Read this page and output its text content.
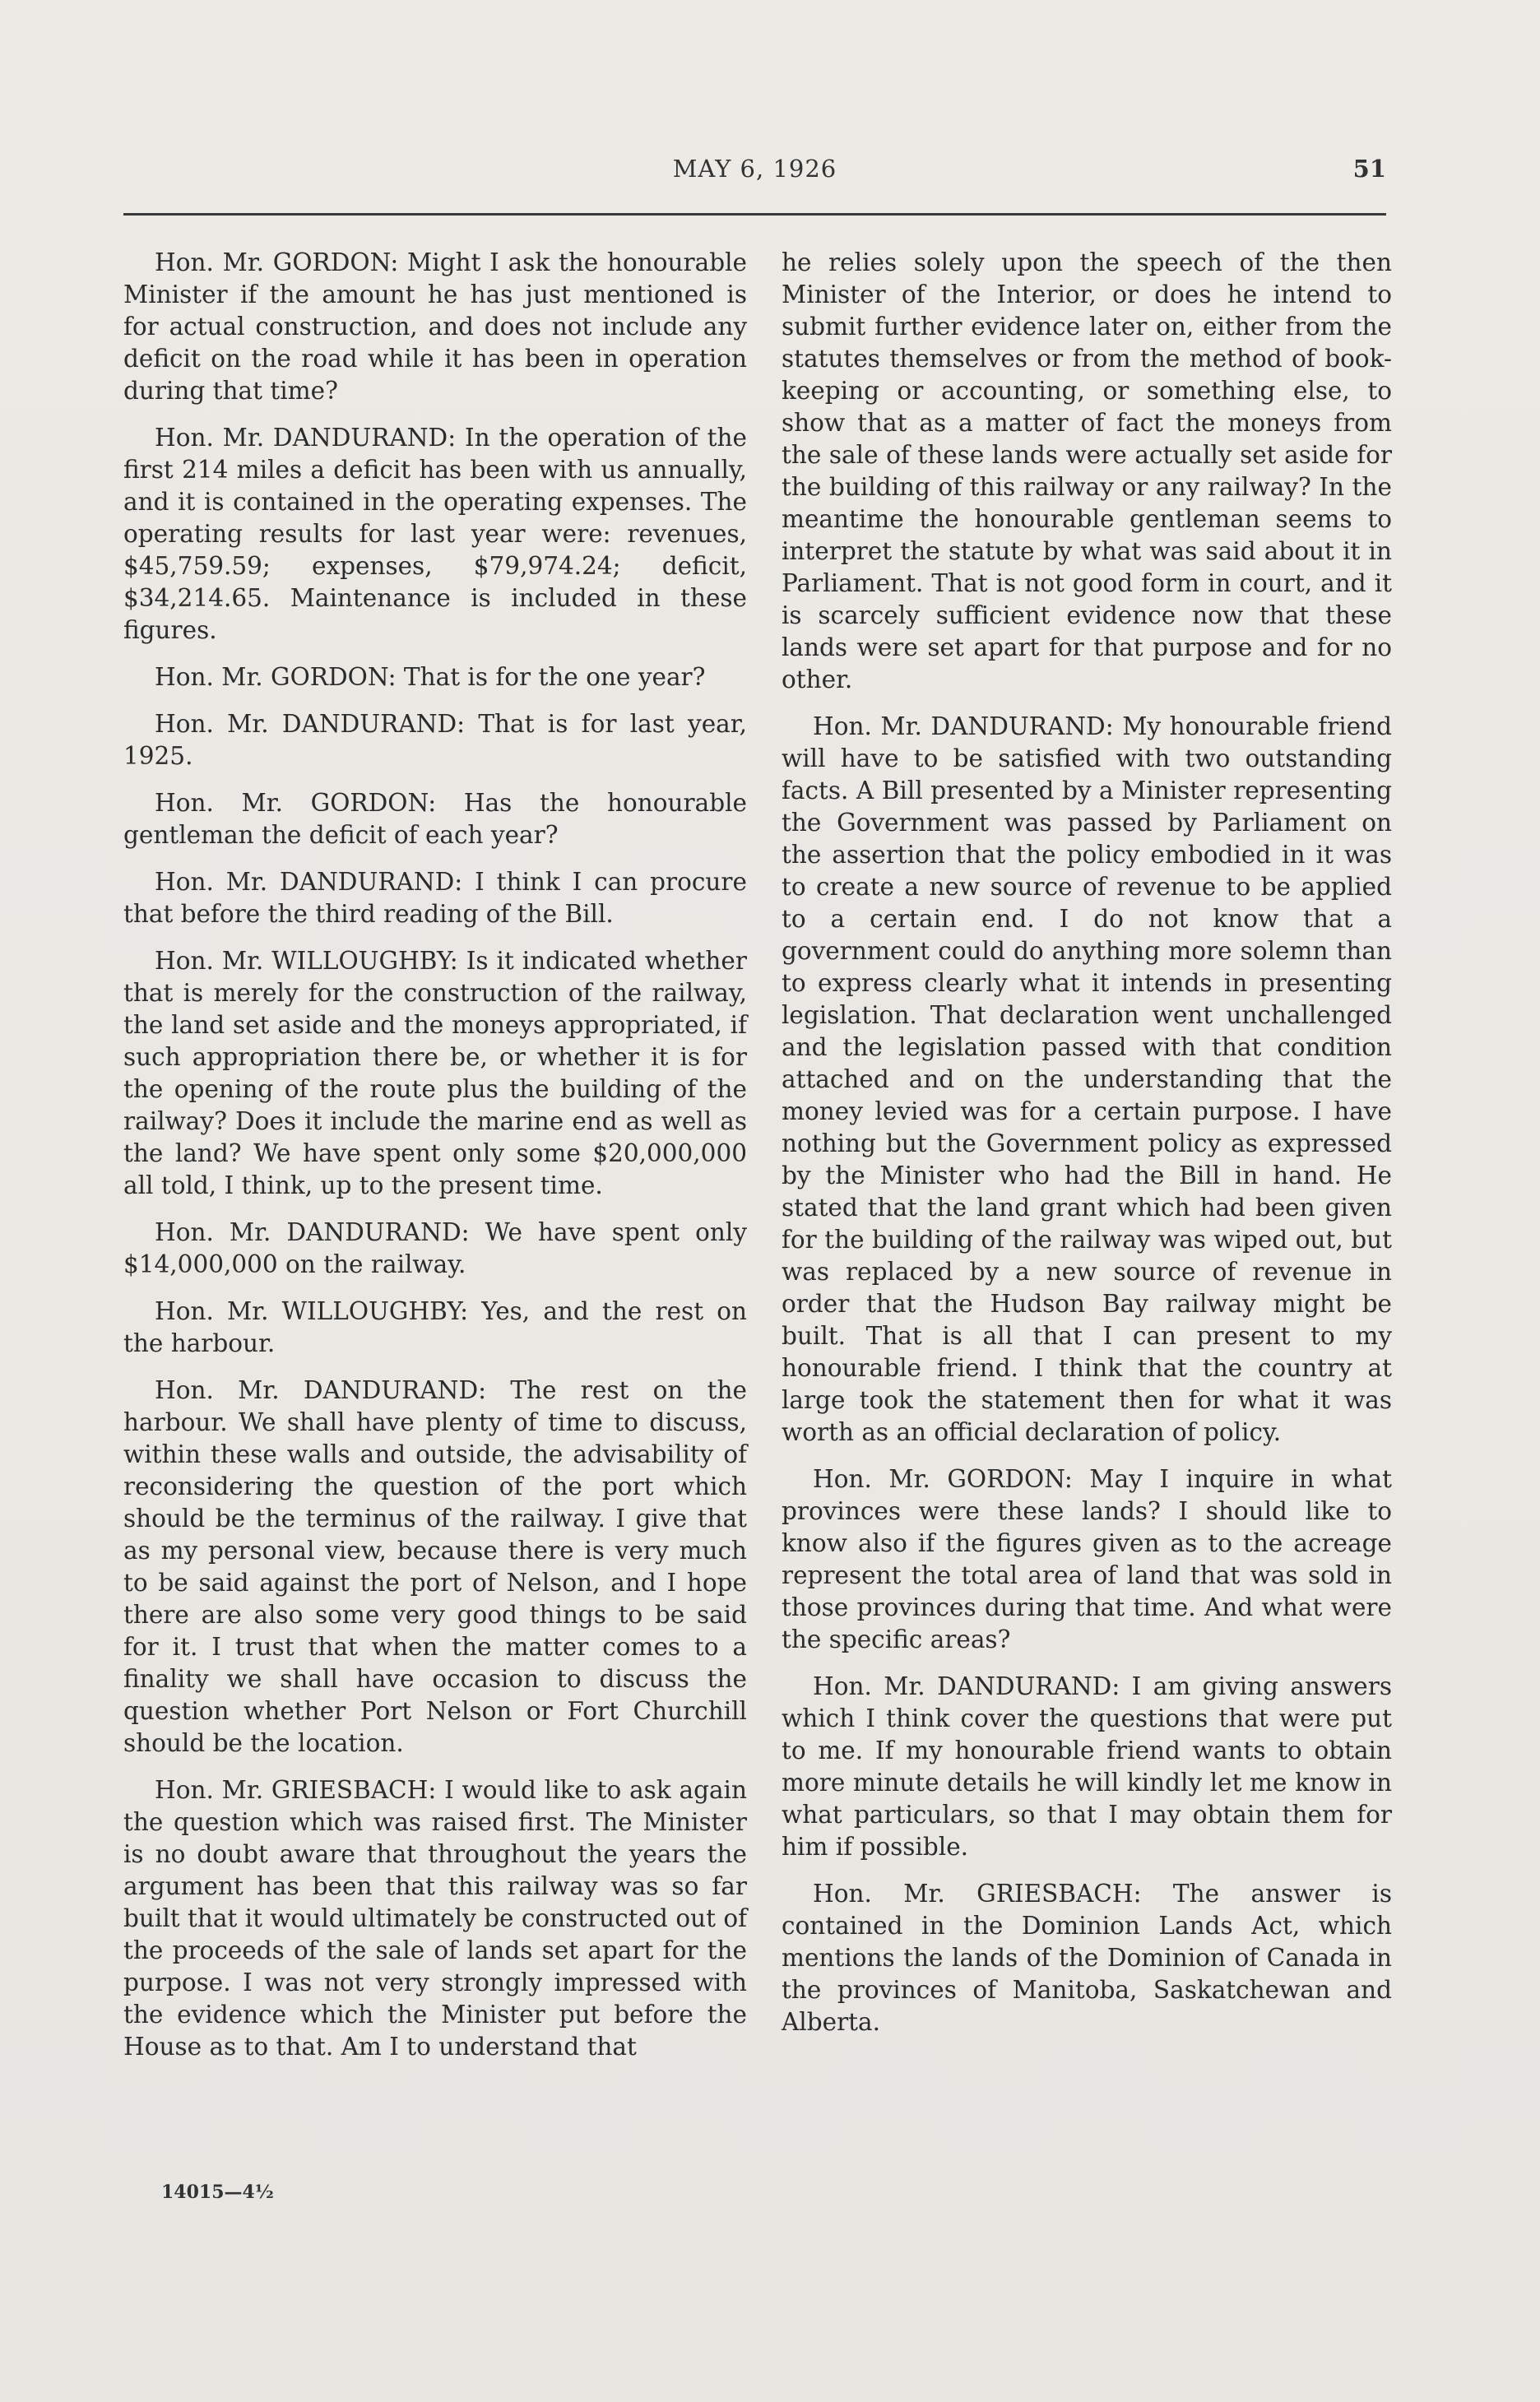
MAY 6, 1926	51

Hon. Mr. GORDON: Might I ask the honourable Minister if the amount he has just mentioned is for actual construction, and does not include any deficit on the road while it has been in operation during that time?

Hon. Mr. DANDURAND: In the operation of the first 214 miles a deficit has been with us annually, and it is contained in the operating expenses. The operating results for last year were: revenues, $45,759.59; expenses, $79,974.24; deficit, $34,214.65. Maintenance is included in these figures.

Hon. Mr. GORDON: That is for the one year?

Hon. Mr. DANDURAND: That is for last year, 1925.

Hon. Mr. GORDON: Has the honourable gentleman the deficit of each year?

Hon. Mr. DANDURAND: I think I can procure that before the third reading of the Bill.

Hon. Mr. WILLOUGHBY: Is it indicated whether that is merely for the construction of the railway, the land set aside and the moneys appropriated, if such appropriation there be, or whether it is for the opening of the route plus the building of the railway? Does it include the marine end as well as the land? We have spent only some $20,000,000 all told, I think, up to the present time.

Hon. Mr. DANDURAND: We have spent only $14,000,000 on the railway.

Hon. Mr. WILLOUGHBY: Yes, and the rest on the harbour.

Hon. Mr. DANDURAND: The rest on the harbour. We shall have plenty of time to discuss, within these walls and outside, the advisability of reconsidering the question of the port which should be the terminus of the railway. I give that as my personal view, because there is very much to be said against the port of Nelson, and I hope there are also some very good things to be said for it. I trust that when the matter comes to a finality we shall have occasion to discuss the question whether Port Nelson or Fort Churchill should be the location.

Hon. Mr. GRIESBACH: I would like to ask again the question which was raised first. The Minister is no doubt aware that throughout the years the argument has been that this railway was so far built that it would ultimately be constructed out of the proceeds of the sale of lands set apart for the purpose. I was not very strongly impressed with the evidence which the Minister put before the House as to that. Am I to understand that

he relies solely upon the speech of the then Minister of the Interior, or does he intend to submit further evidence later on, either from the statutes themselves or from the method of book-keeping or accounting, or something else, to show that as a matter of fact the moneys from the sale of these lands were actually set aside for the building of this railway or any railway? In the meantime the honourable gentleman seems to interpret the statute by what was said about it in Parliament. That is not good form in court, and it is scarcely sufficient evidence now that these lands were set apart for that purpose and for no other.

Hon. Mr. DANDURAND: My honourable friend will have to be satisfied with two outstanding facts. A Bill presented by a Minister representing the Government was passed by Parliament on the assertion that the policy embodied in it was to create a new source of revenue to be applied to a certain end. I do not know that a government could do anything more solemn than to express clearly what it intends in presenting legislation. That declaration went unchallenged and the legislation passed with that condition attached and on the understanding that the money levied was for a certain purpose. I have nothing but the Government policy as expressed by the Minister who had the Bill in hand. He stated that the land grant which had been given for the building of the railway was wiped out, but was replaced by a new source of revenue in order that the Hudson Bay railway might be built. That is all that I can present to my honourable friend. I think that the country at large took the statement then for what it was worth as an official declaration of policy.

Hon. Mr. GORDON: May I inquire in what provinces were these lands? I should like to know also if the figures given as to the acreage represent the total area of land that was sold in those provinces during that time. And what were the specific areas?

Hon. Mr. DANDURAND: I am giving answers which I think cover the questions that were put to me. If my honourable friend wants to obtain more minute details he will kindly let me know in what particulars, so that I may obtain them for him if possible.

Hon. Mr. GRIESBACH: The answer is contained in the Dominion Lands Act, which mentions the lands of the Dominion of Canada in the provinces of Manitoba, Saskatchewan and Alberta.

14015—4½
